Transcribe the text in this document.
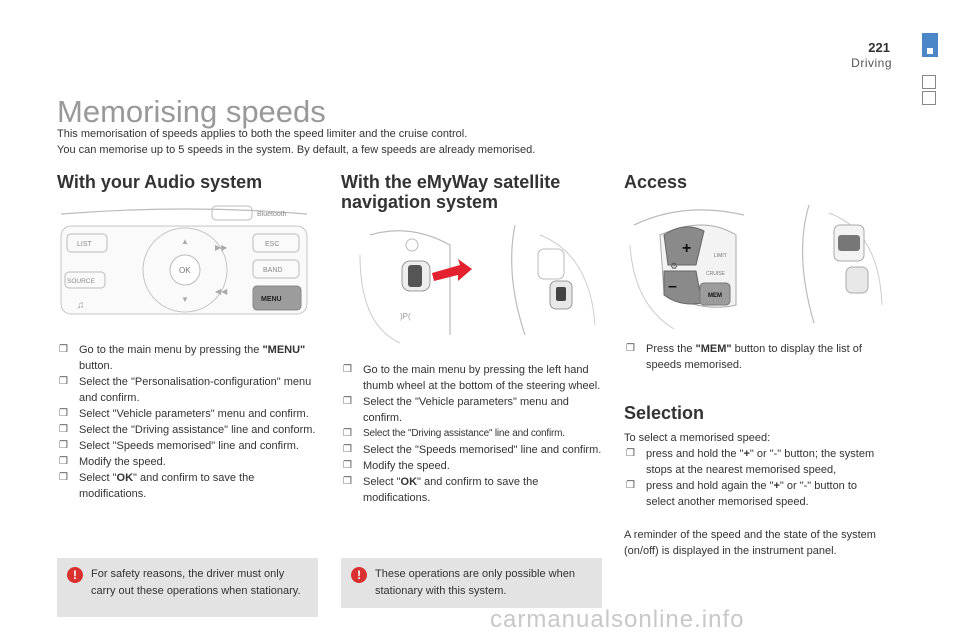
221
Driving
Memorising speeds
This memorisation of speeds applies to both the speed limiter and the cruise control.
You can memorise up to 5 speeds in the system. By default, a few speeds are already memorised.
With your Audio system
Bluetooth
LIST
SOURCE
♫
OK
▲
▼
▶▶
◀◀
ESC
BAND
MENU
❒ Go to the main menu by pressing the "MENU" button.
❒ Select the "Personalisation-configuration" menu and confirm.
❒ Select "Vehicle parameters" menu and confirm.
❒ Select the "Driving assistance" line and conform.
❒ Select "Speeds memorised" line and confirm.
❒ Modify the speed.
❒ Select "OK" and confirm to save the modifications.
!	For safety reasons, the driver must only carry out these operations when stationary.
With the eMyWay satellite
navigation system
)P(
❒ Go to the main menu by pressing the left hand thumb wheel at the bottom of the steering wheel.
❒ Select the "Vehicle parameters" menu and confirm.
❒ Select the "Driving assistance" line and confirm.
❒ Select the "Speeds memorised" line and confirm.
❒ Modify the speed.
❒ Select "OK" and confirm to save the modifications.
!	These operations are only possible when stationary with this system.
Access
+
–
⚙
LIMIT
CRUISE
MEM
❒ Press the "MEM" button to display the list of speeds memorised.
Selection
To select a memorised speed:
❒ press and hold the "+" or "-" button; the system stops at the nearest memorised speed,
❒ press and hold again the "+" or "-" button to select another memorised speed.
A reminder of the speed and the state of the system (on/off) is displayed in the instrument panel.
carmanualsonline.info
